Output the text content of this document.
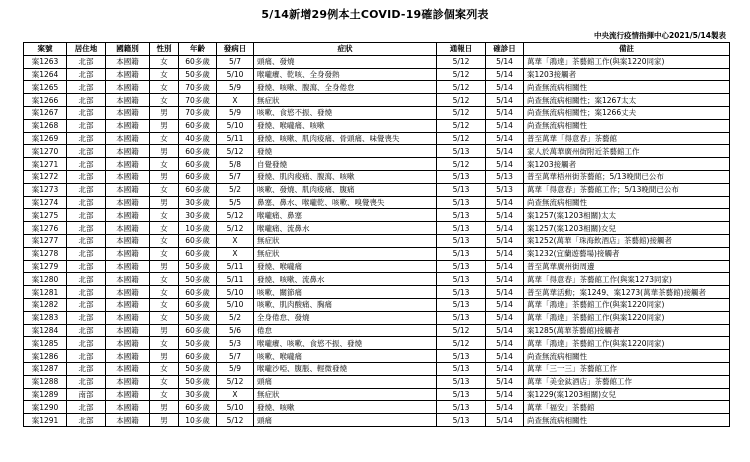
5/14新增29例本土COVID-19確診個案列表
中央流行疫情指揮中心2021/5/14製表
案號	居住地	國籍別	性別	年齡	發病日	症狀	通報日	確診日	備註
案1263	北部	本國籍	女	60多歲	5/7	頭痛、發燒	5/12	5/14	萬華「鴻達」茶藝館工作(與案1220同家)
案1264	北部	本國籍	女	50多歲	5/10	喉嚨癢、乾咳、全身發熱	5/12	5/14	案1203接觸者
案1265	北部	本國籍	女	70多歲	5/9	發燒、咳嗽、腹瀉、全身倦怠	5/12	5/14	尚查無流病相關性
案1266	北部	本國籍	女	70多歲	X	無症狀	5/12	5/14	尚查無流病相關性；案1267太太
案1267	北部	本國籍	男	70多歲	5/9	咳嗽、食慾不振、發燒	5/12	5/14	尚查無流病相關性；案1266丈夫
案1268	北部	本國籍	男	60多歲	5/10	發燒、喉嚨痛、咳嗽	5/12	5/14	尚查無流病相關性
案1269	北部	本國籍	女	40多歲	5/11	發燒、咳嗽、肌肉痠痛、骨頭痛、味覺喪失	5/12	5/14	普至萬華「得意春」茶藝館
案1270	北部	本國籍	男	60多歲	5/12	發燒	5/13	5/14	家人於萬華廣州街附近茶藝館工作
案1271	北部	本國籍	女	60多歲	5/8	自覺發燒	5/12	5/14	案1203接觸者
案1272	北部	本國籍	男	60多歲	5/7	發燒、肌肉痠痛、腹瀉、咳嗽	5/13	5/13	普至萬華梧州街茶藝館；5/13晚間已公布
案1273	北部	本國籍	女	60多歲	5/2	咳嗽、發燒、肌肉痠痛、腹痛	5/13	5/13	萬華「得意春」茶藝館工作；5/13晚間已公布
案1274	北部	本國籍	男	30多歲	5/5	鼻塞、鼻水、喉嚨乾、咳嗽、嗅覺喪失	5/13	5/14	尚查無流病相關性
案1275	北部	本國籍	女	30多歲	5/12	喉嚨痛、鼻塞	5/13	5/14	案1257(案1203相關)太太
案1276	北部	本國籍	女	10多歲	5/12	喉嚨痛、流鼻水	5/13	5/14	案1257(案1203相關)女兒
案1277	北部	本國籍	女	60多歲	X	無症狀	5/13	5/14	案1252(萬華「珠海飲酒店」茶藝館)接觸者
案1278	北部	本國籍	女	60多歲	X	無症狀	5/13	5/14	案1232(宜蘭遊藝場)接觸者
案1279	北部	本國籍	男	50多歲	5/11	發燒、喉嚨痛	5/13	5/14	普至萬華廣州街周邊
案1280	北部	本國籍	女	50多歲	5/11	發燒、咳嗽、流鼻水	5/13	5/14	萬華「得意春」茶藝館工作(與案1273同家)
案1281	北部	本國籍	女	60多歲	5/10	咳嗽、關節痛	5/13	5/14	普至萬華活動；案1249、案1273(萬華茶藝館)接觸者
案1282	北部	本國籍	女	60多歲	5/10	咳嗽、肌肉酸痛、胸痛	5/13	5/14	萬華「鴻達」茶藝館工作(與案1220同家)
案1283	北部	本國籍	女	50多歲	5/2	全身倦怠、發燒	5/13	5/14	萬華「鴻達」茶藝館工作(與案1220同家)
案1284	北部	本國籍	男	60多歲	5/6	倦怠	5/12	5/14	案1285(萬華茶藝館)接觸者
案1285	北部	本國籍	女	50多歲	5/3	喉嚨癢、咳嗽、食慾不振、發燒	5/12	5/14	萬華「鴻達」茶藝館工作(與案1220同家)
案1286	北部	本國籍	男	60多歲	5/7	咳嗽、喉嚨痛	5/13	5/14	尚查無流病相關性
案1287	北部	本國籍	女	50多歲	5/9	喉嚨沙啞、腹脹、輕微發燒	5/13	5/14	萬華「三一三」茶藝館工作
案1288	北部	本國籍	女	50多歲	5/12	頭痛	5/13	5/14	萬華「美金鈦酒店」茶藝館工作
案1289	南部	本國籍	女	30多歲	X	無症狀	5/13	5/14	案1229(案1203相關)女兒
案1290	北部	本國籍	男	60多歲	5/10	發燒、咳嗽	5/13	5/14	萬華「福安」茶藝館
案1291	北部	本國籍	男	10多歲	5/12	頭痛	5/13	5/14	尚查無流病相關性
